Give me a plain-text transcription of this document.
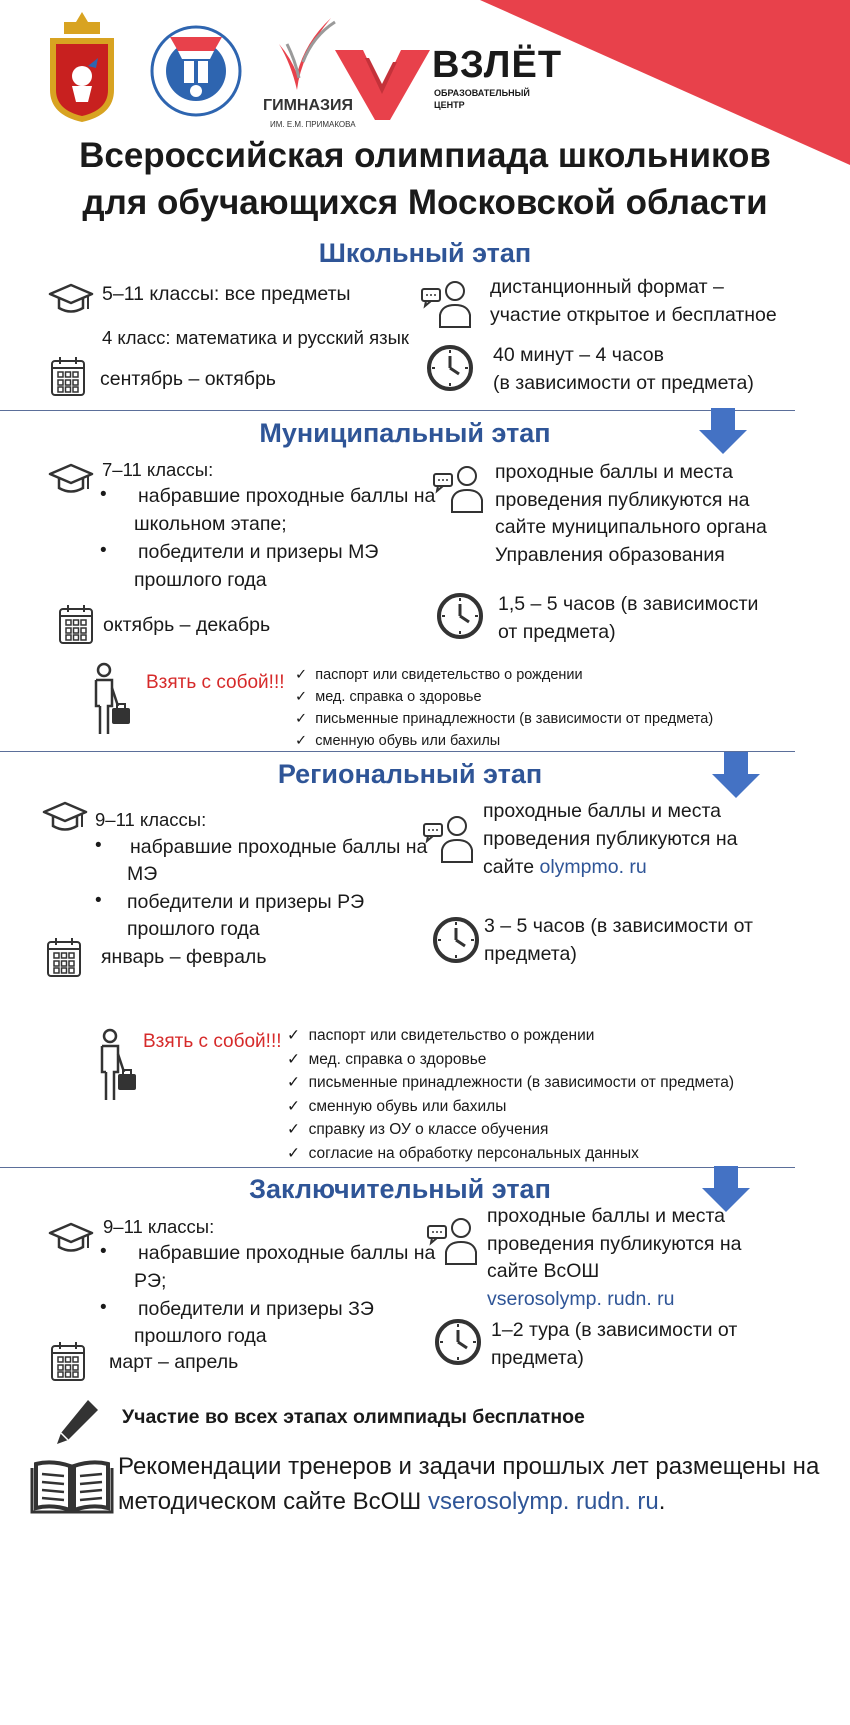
ГИМНАЗИЯ
ИМ. Е.М. ПРИМАКОВА
ВЗЛЁТ
ОБРАЗОВАТЕЛЬНЫЙ
ЦЕНТР
Всероссийская олимпиада школьников
для обучающихся Московской области
Школьный этап
5–11 классы: все предметы
4 класс: математика и русский язык
сентябрь – октябрь
дистанционный формат –
участие открытое и бесплатное
40 минут – 4 часов
(в зависимости от предмета)
Муниципальный этап
7–11 классы:
• набравшие проходные баллы на
школьном этапе;
• победители и призеры МЭ
прошлого года
октябрь – декабрь
проходные баллы и места
проведения публикуются на
сайте муниципального органа
Управления образования
1,5 – 5 часов (в зависимости
от предмета)
Взять с собой!!! ✓  паспорт или свидетельство о рождении
✓  мед. справка о здоровье
✓  письменные принадлежности (в зависимости от предмета)
✓  сменную обувь или бахилы
Региональный этап
9–11 классы:
• набравшие проходные баллы на
МЭ
• победители и призеры РЭ
прошлого года
январь – февраль
проходные баллы и места
проведения публикуются на
сайте olympmo. ru
3 – 5 часов (в зависимости от
предмета)
Взять с собой!!! ✓  паспорт или свидетельство о рождении
✓  мед. справка о здоровье
✓  письменные принадлежности (в зависимости от предмета)
✓  сменную обувь или бахилы
✓  справку из ОУ о классе обучения
✓  согласие на обработку персональных данных
Заключительный этап
9–11 классы:
• набравшие проходные баллы на
РЭ;
• победители и призеры ЗЭ
прошлого года
март – апрель
проходные баллы и места
проведения публикуются на
сайте ВсОШ
vserosolymp. rudn. ru
1–2 тура (в зависимости от
предмета)
Участие во всех этапах олимпиады бесплатное
Рекомендации тренеров и задачи прошлых лет размещены на
методическом сайте ВсОШ vserosolymp. rudn. ru.
